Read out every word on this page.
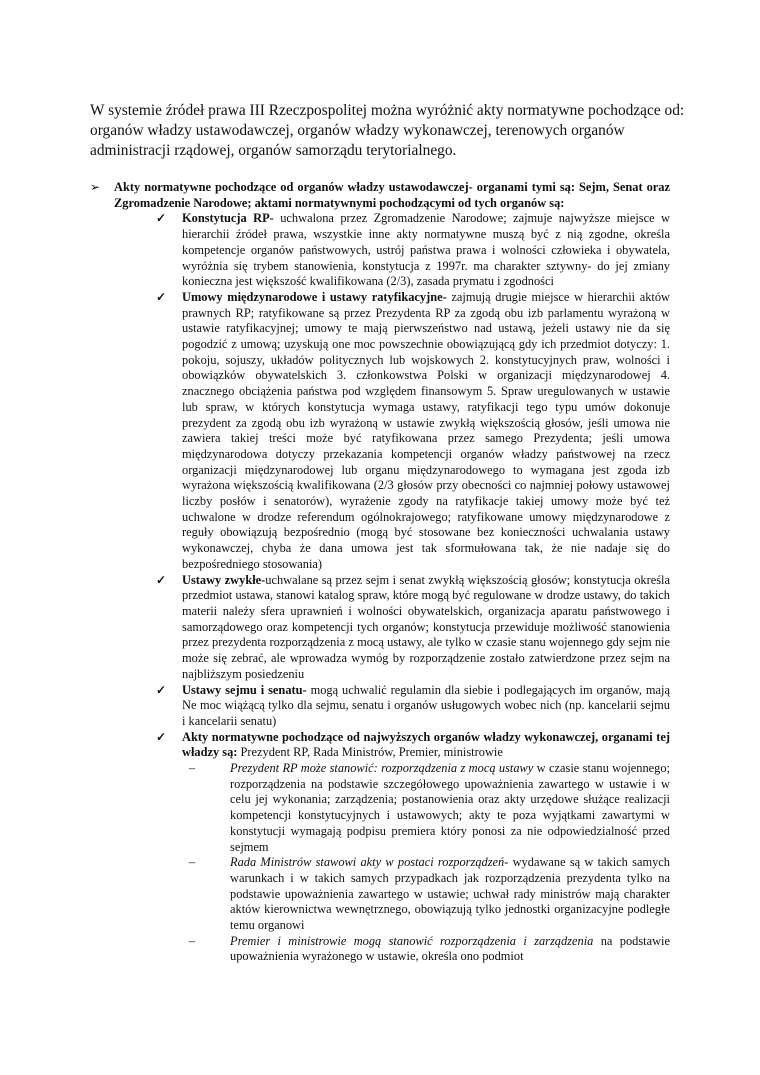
W systemie źródeł prawa III Rzeczpospolitej można wyróżnić akty normatywne pochodzące od: organów władzy ustawodawczej, organów władzy wykonawczej, terenowych organów administracji rządowej, organów samorządu terytorialnego.

➢ Akty normatywne pochodzące od organów władzy ustawodawczej- organami tymi są: Sejm, Senat oraz Zgromadzenie Narodowe; aktami normatywnymi pochodzącymi od tych organów są:

✓ Konstytucja RP- uchwalona przez Zgromadzenie Narodowe; zajmuje najwyższe miejsce w hierarchii źródeł prawa, wszystkie inne akty normatywne muszą być z nią zgodne, określa kompetencje organów państwowych, ustrój państwa prawa i wolności człowieka i obywatela, wyróżnia się trybem stanowienia, konstytucja z 1997r. ma charakter sztywny- do jej zmiany konieczna jest większość kwalifikowana (2/3), zasada prymatu i zgodności

✓ Umowy międzynarodowe i ustawy ratyfikacyjne- zajmują drugie miejsce w hierarchii aktów prawnych RP; ratyfikowane są przez Prezydenta RP za zgodą obu izb parlamentu wyrażoną w ustawie ratyfikacyjnej; umowy te mają pierwszeństwo nad ustawą, jeżeli ustawy nie da się pogodzić z umową; uzyskują one moc powszechnie obowiązującą gdy ich przedmiot dotyczy: 1. pokoju, sojuszy, układów politycznych lub wojskowych 2. konstytucyjnych praw, wolności i obowiązków obywatelskich 3. członkowstwa Polski w organizacji międzynarodowej 4. znacznego obciążenia państwa pod względem finansowym 5. Spraw uregulowanych w ustawie lub spraw, w których konstytucja wymaga ustawy, ratyfikacji tego typu umów dokonuje prezydent za zgodą obu izb wyrażoną w ustawie zwykłą większością głosów, jeśli umowa nie zawiera takiej treści może być ratyfikowana przez samego Prezydenta; jeśli umowa międzynarodowa dotyczy przekazania kompetencji organów władzy państwowej na rzecz organizacji międzynarodowej lub organu międzynarodowego to wymagana jest zgoda izb wyrażona większością kwalifikowana (2/3 głosów przy obecności co najmniej połowy ustawowej liczby posłów i senatorów), wyrażenie zgody na ratyfikacje takiej umowy może być też uchwalone w drodze referendum ogólnokrajowego; ratyfikowane umowy międzynarodowe z reguły obowiązują bezpośrednio (mogą być stosowane bez konieczności uchwalania ustawy wykonawczej, chyba że dana umowa jest tak sformułowana tak, że nie nadaje się do bezpośredniego stosowania)

✓ Ustawy zwykłe-uchwalane są przez sejm i senat zwykłą większością głosów; konstytucja określa przedmiot ustawa, stanowi katalog spraw, które mogą być regulowane w drodze ustawy, do takich materii należy sfera uprawnień i wolności obywatelskich, organizacja aparatu państwowego i samorządowego oraz kompetencji tych organów; konstytucja przewiduje możliwość stanowienia przez prezydenta rozporządzenia z mocą ustawy, ale tylko w czasie stanu wojennego gdy sejm nie może się zebrać, ale wprowadza wymóg by rozporządzenie zostało zatwierdzone przez sejm na najbliższym posiedzeniu

✓ Ustawy sejmu i senatu- mogą uchwalić regulamin dla siebie i podlegających im organów, mają Ne moc wiążącą tylko dla sejmu, senatu i organów usługowych wobec nich (np. kancelarii sejmu i kancelarii senatu)

✓ Akty normatywne pochodzące od najwyższych organów władzy wykonawczej, organami tej władzy są: Prezydent RP, Rada Ministrów, Premier, ministrowie

–	Prezydent RP może stanowić: rozporządzenia z mocą ustawy w czasie stanu wojennego; rozporządzenia na podstawie szczegółowego upoważnienia zawartego w ustawie i w celu jej wykonania; zarządzenia; postanowienia oraz akty urzędowe służące realizacji kompetencji konstytucyjnych i ustawowych; akty te poza wyjątkami zawartymi w konstytucji wymagają podpisu premiera który ponosi za nie odpowiedzialność przed sejmem

–	Rada Ministrów stawowi akty w postaci rozporządzeń- wydawane są w takich samych warunkach i w takich samych przypadkach jak rozporządzenia prezydenta tylko na podstawie upoważnienia zawartego w ustawie; uchwał rady ministrów mają charakter aktów kierownictwa wewnętrznego, obowiązują tylko jednostki organizacyjne podległe temu organowi

–	Premier i ministrowie mogą stanowić rozporządzenia i zarządzenia na podstawie upoważnienia wyrażonego w ustawie, określa ono podmiot
